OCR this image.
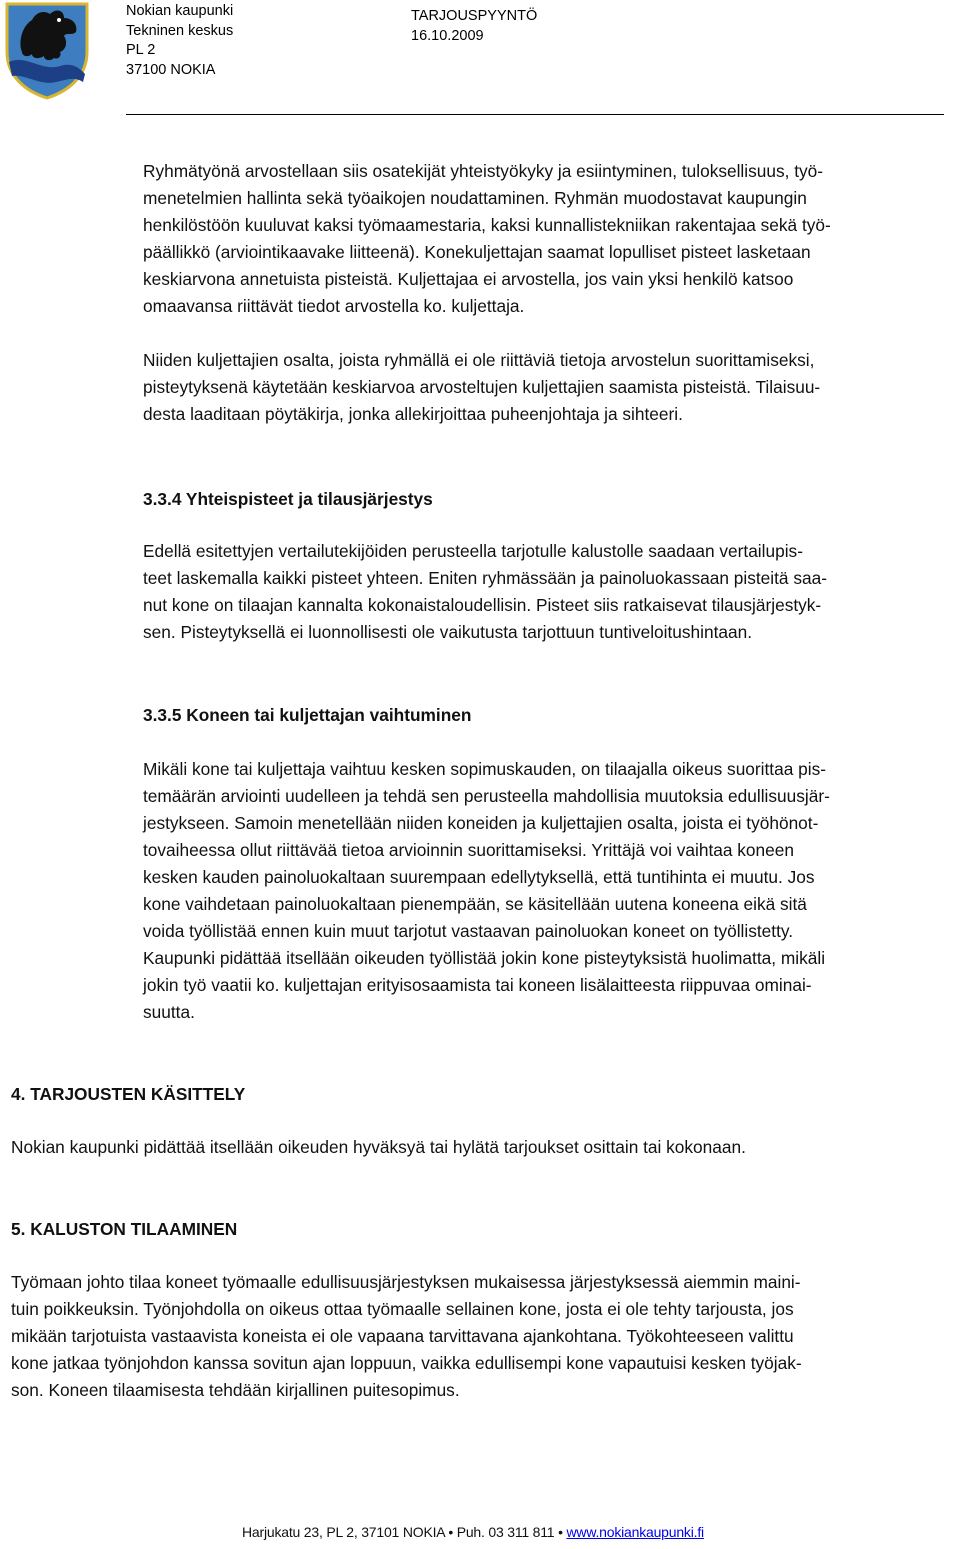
Nokian kaupunki
Tekninen keskus
PL 2
37100 NOKIA
TARJOUSPYYNTÖ
16.10.2009

Ryhmätyönä arvostellaan siis osatekijät yhteistyökyky ja esiintyminen, tuloksellisuus, työ-
menetelmien hallinta sekä työaikojen noudattaminen. Ryhmän muodostavat kaupungin
henkilöstöön kuuluvat kaksi työmaamestaria, kaksi kunnallistekniikan rakentajaa sekä työ-
päällikkö (arviointikaavake liitteenä). Konekuljettajan saamat lopulliset pisteet lasketaan
keskiarvona annetuista pisteistä. Kuljettajaa ei arvostella, jos vain yksi henkilö katsoo
omaavansa riittävät tiedot arvostella ko. kuljettaja.

Niiden kuljettajien osalta, joista ryhmällä ei ole riittäviä tietoja arvostelun suorittamiseksi,
pisteytyksenä käytetään keskiarvoa arvosteltujen kuljettajien saamista pisteistä. Tilaisuu-
desta laaditaan pöytäkirja, jonka allekirjoittaa puheenjohtaja ja sihteeri.

3.3.4 Yhteispisteet ja tilausjärjestys

Edellä esitettyjen vertailutekijöiden perusteella tarjotulle kalustolle saadaan vertailupis-
teet laskemalla kaikki pisteet yhteen. Eniten ryhmässään ja painoluokassaan pisteitä saa-
nut kone on tilaajan kannalta kokonaistaloudellisin. Pisteet siis ratkaisevat tilausjärjestyk-
sen. Pisteytyksellä ei luonnollisesti ole vaikutusta tarjottuun tuntiveloitushintaan.

3.3.5 Koneen tai kuljettajan vaihtuminen

Mikäli kone tai kuljettaja vaihtuu kesken sopimuskauden, on tilaajalla oikeus suorittaa pis-
temäärän arviointi uudelleen ja tehdä sen perusteella mahdollisia muutoksia edullisuusjär-
jestykseen. Samoin menetellään niiden koneiden ja kuljettajien osalta, joista ei työhönot-
tovaiheessa ollut riittävää tietoa arvioinnin suorittamiseksi. Yrittäjä voi vaihtaa koneen
kesken kauden painoluokaltaan suurempaan edellytyksellä, että tuntihinta ei muutu. Jos
kone vaihdetaan painoluokaltaan pienempään, se käsitellään uutena koneena eikä sitä
voida työllistää ennen kuin muut tarjotut vastaavan painoluokan koneet on työllistetty.
Kaupunki pidättää itsellään oikeuden työllistää jokin kone pisteytyksistä huolimatta, mikäli
jokin työ vaatii ko. kuljettajan erityisosaamista tai koneen lisälaitteesta riippuvaa ominai-
suutta.

4. TARJOUSTEN KÄSITTELY

Nokian kaupunki pidättää itsellään oikeuden hyväksyä tai hylätä tarjoukset osittain tai kokonaan.

5. KALUSTON TILAAMINEN

Työmaan johto tilaa koneet työmaalle edullisuusjärjestyksen mukaisessa järjestyksessä aiemmin maini-
tuin poikkeuksin. Työnjohdolla on oikeus ottaa työmaalle sellainen kone, josta ei ole tehty tarjousta, jos
mikään tarjotuista vastaavista koneista ei ole vapaana tarvittavana ajankohtana. Työkohteeseen valittu
kone jatkaa työnjohdon kanssa sovitun ajan loppuun, vaikka edullisempi kone vapautuisi kesken työjak-
son. Koneen tilaamisesta tehdään kirjallinen puitesopimus.

Harjukatu 23, PL 2, 37101 NOKIA • Puh. 03 311 811 • www.nokiankaupunki.fi
